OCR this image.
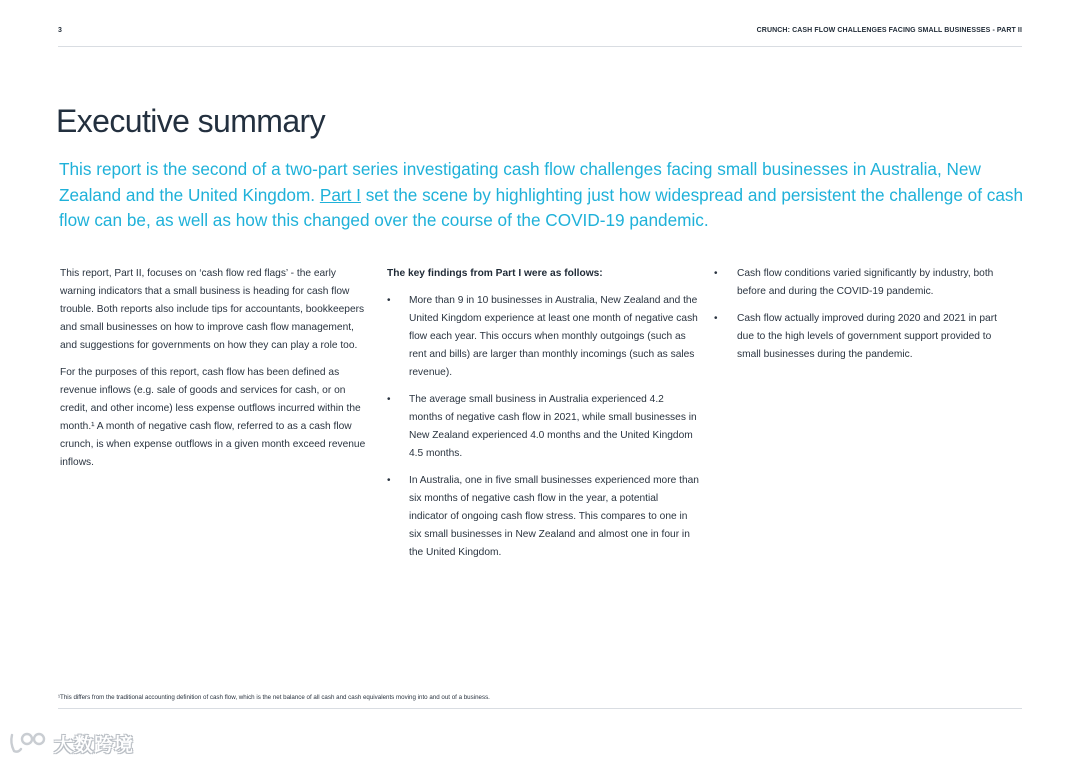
3	CRUNCH: CASH FLOW CHALLENGES FACING SMALL BUSINESSES - PART II
Executive summary

This report is the second of a two-part series investigating cash flow challenges facing small businesses in Australia, New Zealand and the United Kingdom. Part I set the scene by highlighting just how widespread and persistent the challenge of cash flow can be, as well as how this changed over the course of the COVID-19 pandemic.

This report, Part II, focuses on ‘cash flow red flags’ - the early warning indicators that a small business is heading for cash flow trouble. Both reports also include tips for accountants, bookkeepers and small businesses on how to improve cash flow management, and suggestions for governments on how they can play a role too.

For the purposes of this report, cash flow has been defined as revenue inflows (e.g. sale of goods and services for cash, or on credit, and other income) less expense outflows incurred within the month.¹ A month of negative cash flow, referred to as a cash flow crunch, is when expense outflows in a given month exceed revenue inflows.

The key findings from Part I were as follows:

• More than 9 in 10 businesses in Australia, New Zealand and the United Kingdom experience at least one month of negative cash flow each year. This occurs when monthly outgoings (such as rent and bills) are larger than monthly incomings (such as sales revenue).
• The average small business in Australia experienced 4.2 months of negative cash flow in 2021, while small businesses in New Zealand experienced 4.0 months and the United Kingdom 4.5 months.
• In Australia, one in five small businesses experienced more than six months of negative cash flow in the year, a potential indicator of ongoing cash flow stress. This compares to one in six small businesses in New Zealand and almost one in four in the United Kingdom.
• Cash flow conditions varied significantly by industry, both before and during the COVID-19 pandemic.
• Cash flow actually improved during 2020 and 2021 in part due to the high levels of government support provided to small businesses during the pandemic.

¹This differs from the traditional accounting definition of cash flow, which is the net balance of all cash and cash equivalents moving into and out of a business.

大数跨境
